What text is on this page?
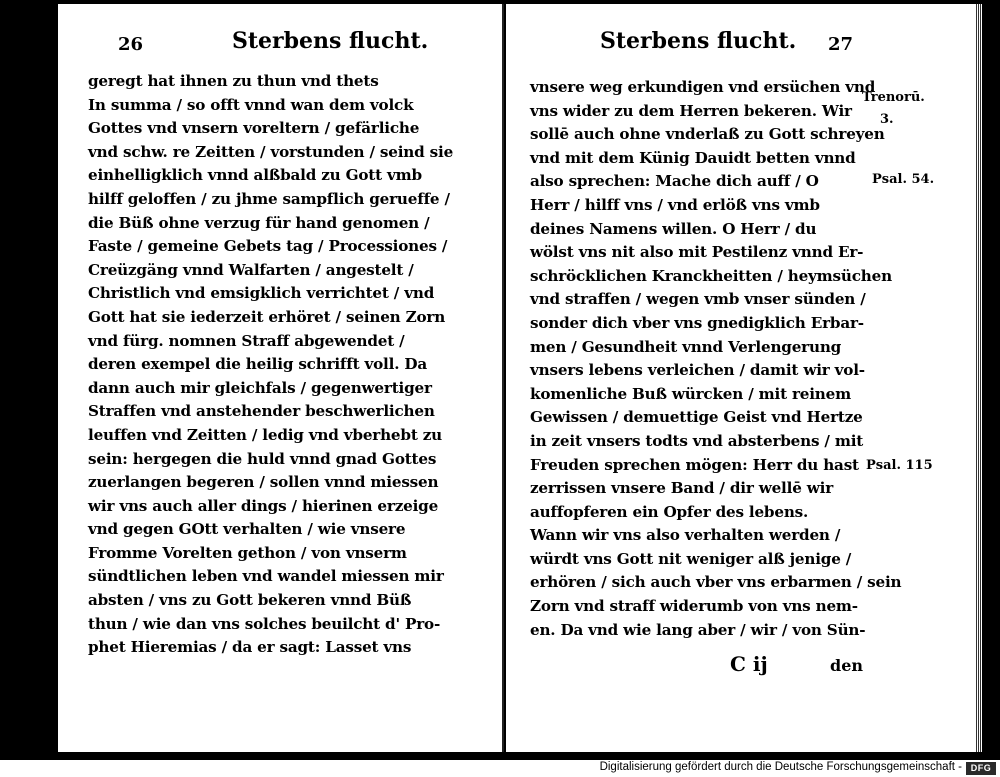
26	Sterbens flucht.
geregt hat ihnen zu thun vnd thets
In summa / so offt vnnd wan dem volck
Gottes vnd vnsern voreltern / gefärliche
vnd schw. re Zeitten / vorstunden / seind sie
einhelligklich vnnd alßbald zu Gott vmb
hilff geloffen / zu jhme sampflich gerueffe /
die Büß ohne verzug für hand genomen /
Faste / gemeine Gebets tag / Processiones /
Creüzgäng vnnd Walfarten / angestelt /
Christlich vnd emsigklich verrichtet / vnd
Gott hat sie iederzeit erhöret / seinen Zorn
vnd fürg. nomnen Straff abgewendet /
deren exempel die heilig schrifft voll. Da
dann auch mir gleichfals / gegenwertiger
Straffen vnd anstehender beschwerlichen
leuffen vnd Zeitten / ledig vnd vberhebt zu
sein: hergegen die huld vnnd gnad Gottes
zuerlangen begeren / sollen vnnd miessen
wir vns auch aller dings / hierinen erzeige
vnd gegen GOtt verhalten / wie vnsere
Fromme Vorelten gethon / von vnserm
sündtlichen leben vnd wandel miessen mir
absten / vns zu Gott bekeren vnnd Büß
thun / wie dan vns solches beuilcht d' Pro-
phet Hieremias / da er sagt: Lasset vns
Sterbens flucht. 27
vnsere weg erkundigen vnd ersüchen vnd
vns wider zu dem Herren bekeren. Wir
sollē auch ohne vnderlaß zu Gott schreyen
vnd mit dem Künig Dauidt betten vnnd
also sprechen: Mache dich auff / O
Herr / hilff vns / vnd erlöß vns vmb
deines Namens willen. O Herr / du
wölst vns nit also mit Pestilenz vnnd Er-
schröcklichen Kranckheitten / heymsüchen
vnd straffen / wegen vmb vnser sünden /
sonder dich vber vns gnedigklich Erbar-
men / Gesundheit vnnd Verlengerung
vnsers lebens verleichen / damit wir vol-
komenliche Buß würcken / mit reinem
Gewissen / demuettige Geist vnd Hertze
in zeit vnsers todts vnd absterbens / mit
Freuden sprechen mögen: Herr du hast
zerrissen vnsere Band / dir wellē wir
auffopferen ein Opfer des lebens.
Wann wir vns also verhalten werden /
würdt vns Gott nit weniger alß jenige /
erhören / sich auch vber vns erbarmen / sein
Zorn vnd straff widerumb von vns nem-
en. Da vnd wie lang aber / wir / von Sün-
Trenorū.
3.
Psal. 54.
Psal. 115
C ij	den
Digitalisierung gefördert durch die Deutsche Forschungsgemeinschaft - DFG
